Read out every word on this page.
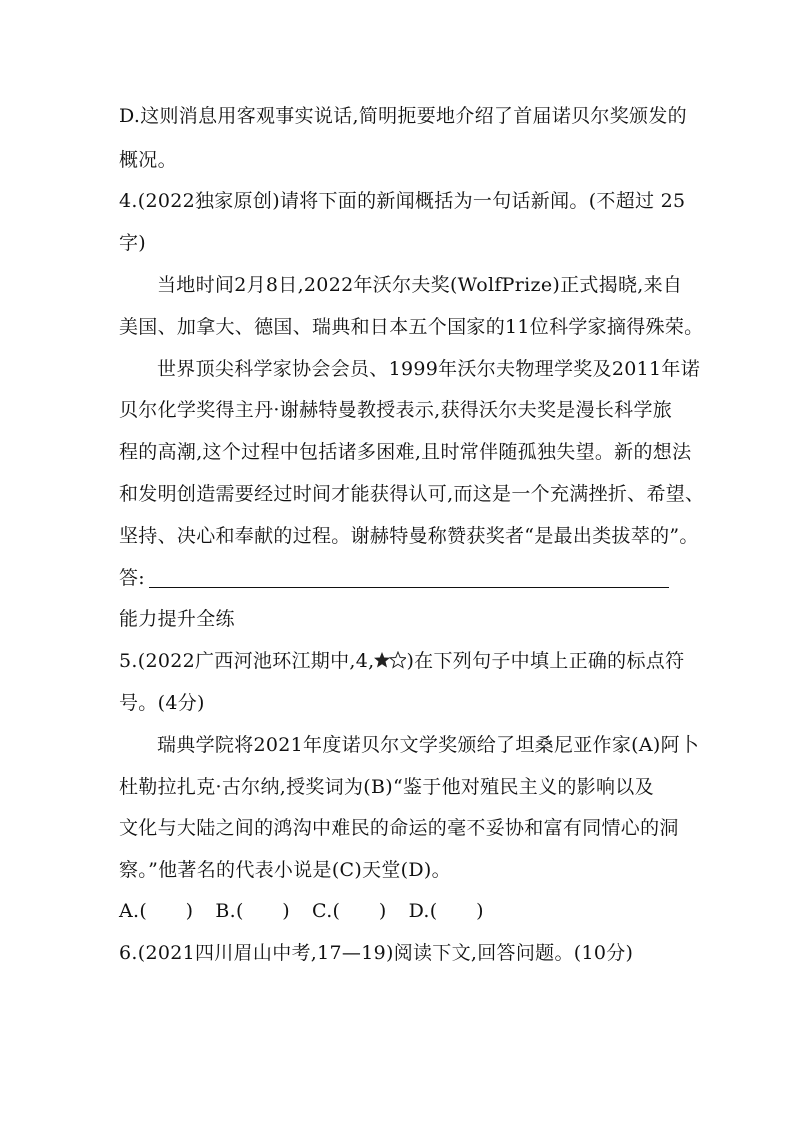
D.这则消息用客观事实说话,简明扼要地介绍了首届诺贝尔奖颁发的
概况。
4.(2022独家原创)请将下面的新闻概括为一句话新闻。(不超过 25
字)
当地时间2月8日,2022年沃尔夫奖(WolfPrize)正式揭晓,来自
美国、加拿大、德国、瑞典和日本五个国家的11位科学家摘得殊荣。
世界顶尖科学家协会会员、1999年沃尔夫物理学奖及2011年诺
贝尔化学奖得主丹·谢赫特曼教授表示,获得沃尔夫奖是漫长科学旅
程的高潮,这个过程中包括诸多困难,且时常伴随孤独失望。新的想法
和发明创造需要经过时间才能获得认可,而这是一个充满挫折、希望、
坚持、决心和奉献的过程。谢赫特曼称赞获奖者“是最出类拔萃的”。
答:
能力提升全练
5.(2022广西河池环江期中,4, )在下列句子中填上正确的标点符
号。(4分)
瑞典学院将2021年度诺贝尔文学奖颁给了坦桑尼亚作家(A)阿卜
杜勒拉扎克·古尔纳,授奖词为(B)“鉴于他对殖民主义的影响以及
文化与大陆之间的鸿沟中难民的命运的毫不妥协和富有同情心的洞
察。”他著名的代表小说是(C)天堂(D)。
A.(　　) B.(　　) C.(　　) D.(　　)
6.(2021四川眉山中考,17—19)阅读下文,回答问题。(10分)
